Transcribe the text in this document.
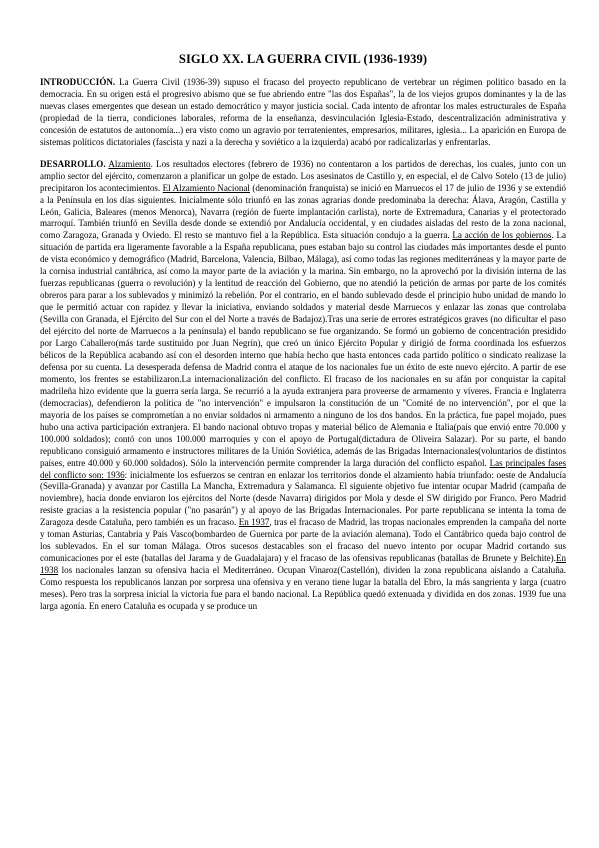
SIGLO XX. LA GUERRA CIVIL (1936-1939)

INTRODUCCIÓN. La Guerra Civil (1936-39) supuso el fracaso del proyecto republicano de vertebrar un régimen político basado en la democracia. En su origen está el progresivo abismo que se fue abriendo entre "las dos Españas", la de los viejos grupos dominantes y la de las nuevas clases emergentes que desean un estado democrático y mayor justicia social. Cada intento de afrontar los males estructurales de España (propiedad de la tierra, condiciones laborales, reforma de la enseñanza, desvinculación Iglesia-Estado, descentralización administrativa y concesión de estatutos de autonomía...) era visto como un agravio por terratenientes, empresarios, militares, iglesia... La aparición en Europa de sistemas políticos dictatoriales (fascista y nazi a la derecha y soviético a la izquierda) acabó por radicalizarlas y enfrentarlas.

DESARROLLO. Alzamiento. Los resultados electores (febrero de 1936) no contentaron a los partidos de derechas, los cuales, junto con un amplio sector del ejército, comenzaron a planificar un golpe de estado. Los asesinatos de Castillo y, en especial, el de Calvo Sotelo (13 de julio) precipitaron los acontecimientos. El Alzamiento Nacional (denominación franquista) se inició en Marruecos el 17 de julio de 1936 y se extendió a la Península en los días siguientes. Inicialmente sólo triunfó en las zonas agrarias donde predominaba la derecha: Álava, Aragón, Castilla y León, Galicia, Baleares (menos Menorca), Navarra (región de fuerte implantación carlista), norte de Extremadura, Canarias y el protectorado marroquí. También triunfó en Sevilla desde donde se extendió por Andalucía occidental, y en ciudades aisladas del resto de la zona nacional, como Zaragoza, Granada y Oviedo. El resto se mantuvo fiel a la República. Esta situación condujo a la guerra. La acción de los gobiernos. La situación de partida era ligeramente favorable a la España republicana, pues estaban bajo su control las ciudades más importantes desde el punto de vista económico y demográfico (Madrid, Barcelona, Valencia, Bilbao, Málaga), así como todas las regiones mediterráneas y la mayor parte de la cornisa industrial cantábrica, así como la mayor parte de la aviación y la marina. Sin embargo, no la aprovechó por la división interna de las fuerzas republicanas (guerra o revolución) y la lentitud de reacción del Gobierno, que no atendió la petición de armas por parte de los comités obreros para parar a los sublevados y minimizó la rebelión. Por el contrario, en el bando sublevado desde el principio hubo unidad de mando lo que le permitió actuar con rapidez y llevar la iniciativa, enviando soldados y material desde Marruecos y enlazar las zonas que controlaba (Sevilla con Granada, el Ejército del Sur con el del Norte a través de Badajoz).Tras una serie de errores estratégicos graves (no dificultar el paso del ejército del norte de Marruecos a la península) el bando republicano se fue organizando. Se formó un gobierno de concentración presidido por Largo Caballero(más tarde sustituido por Juan Negrín), que creó un único Ejército Popular y dirigió de forma coordinada los esfuerzos bélicos de la República acabando así con el desorden interno que había hecho que hasta entonces cada partido político o sindicato realizase la defensa por su cuenta. La desesperada defensa de Madrid contra el ataque de los nacionales fue un éxito de este nuevo ejército. A partir de ese momento, los frentes se estabilizaron.La internacionalización del conflicto. El fracaso de los nacionales en su afán por conquistar la capital madrileña hizo evidente que la guerra sería larga. Se recurrió a la ayuda extranjera para proveerse de armamento y víveres. Francia e Inglaterra (democracias), defendieron la política de "no intervención" e impulsaron la constitución de un "Comité de no intervención", por el que la mayoría de los países se comprometían a no enviar soldados ni armamento a ninguno de los dos bandos. En la práctica, fue papel mojado, pues hubo una activa participación extranjera. El bando nacional obtuvo tropas y material bélico de Alemania e Italia(país que envió entre 70.000 y 100.000 soldados); contó con unos 100.000 marroquíes y con el apoyo de Portugal(dictadura de Oliveira Salazar). Por su parte, el bando republicano consiguió armamento e instructores militares de la Unión Soviética, además de las Brigadas Internacionales(voluntarios de distintos países, entre 40.000 y 60.000 soldados). Sólo la intervención permite comprender la larga duración del conflicto español. Las principales fases del conflicto son: 1936: inicialmente los esfuerzos se centran en enlazar los territorios donde el alzamiento había triunfado: oeste de Andalucía (Sevilla-Granada) y avanzar por Castilla La Mancha, Extremadura y Salamanca. El siguiente objetivo fue intentar ocupar Madrid (campaña de noviembre), hacia donde enviaron los ejércitos del Norte (desde Navarra) dirigidos por Mola y desde el SW dirigido por Franco. Pero Madrid resiste gracias a la resistencia popular ("no pasarán") y al apoyo de las Brigadas Internacionales. Por parte republicana se intenta la toma de Zaragoza desde Cataluña, pero también es un fracaso. En 1937, tras el fracaso de Madrid, las tropas nacionales emprenden la campaña del norte y toman Asturias, Cantabria y País Vasco(bombardeo de Guernica por parte de la aviación alemana). Todo el Cantábrico queda bajo control de los sublevados. En el sur toman Málaga. Otros sucesos destacables son el fracaso del nuevo intento por ocupar Madrid cortando sus comunicaciones por el este (batallas del Jarama y de Guadalajara) y el fracaso de las ofensivas republicanas (batallas de Brunete y Belchite).En 1938 los nacionales lanzan su ofensiva hacia el Mediterráneo. Ocupan Vinaroz(Castellón), dividen la zona republicana aislando a Cataluña. Como respuesta los republicanos lanzan por sorpresa una ofensiva y en verano tiene lugar la batalla del Ebro, la más sangrienta y larga (cuatro meses). Pero tras la sorpresa inicial la victoria fue para el bando nacional. La República quedó extenuada y dividida en dos zonas. 1939 fue una larga agonía. En enero Cataluña es ocupada y se produce un
